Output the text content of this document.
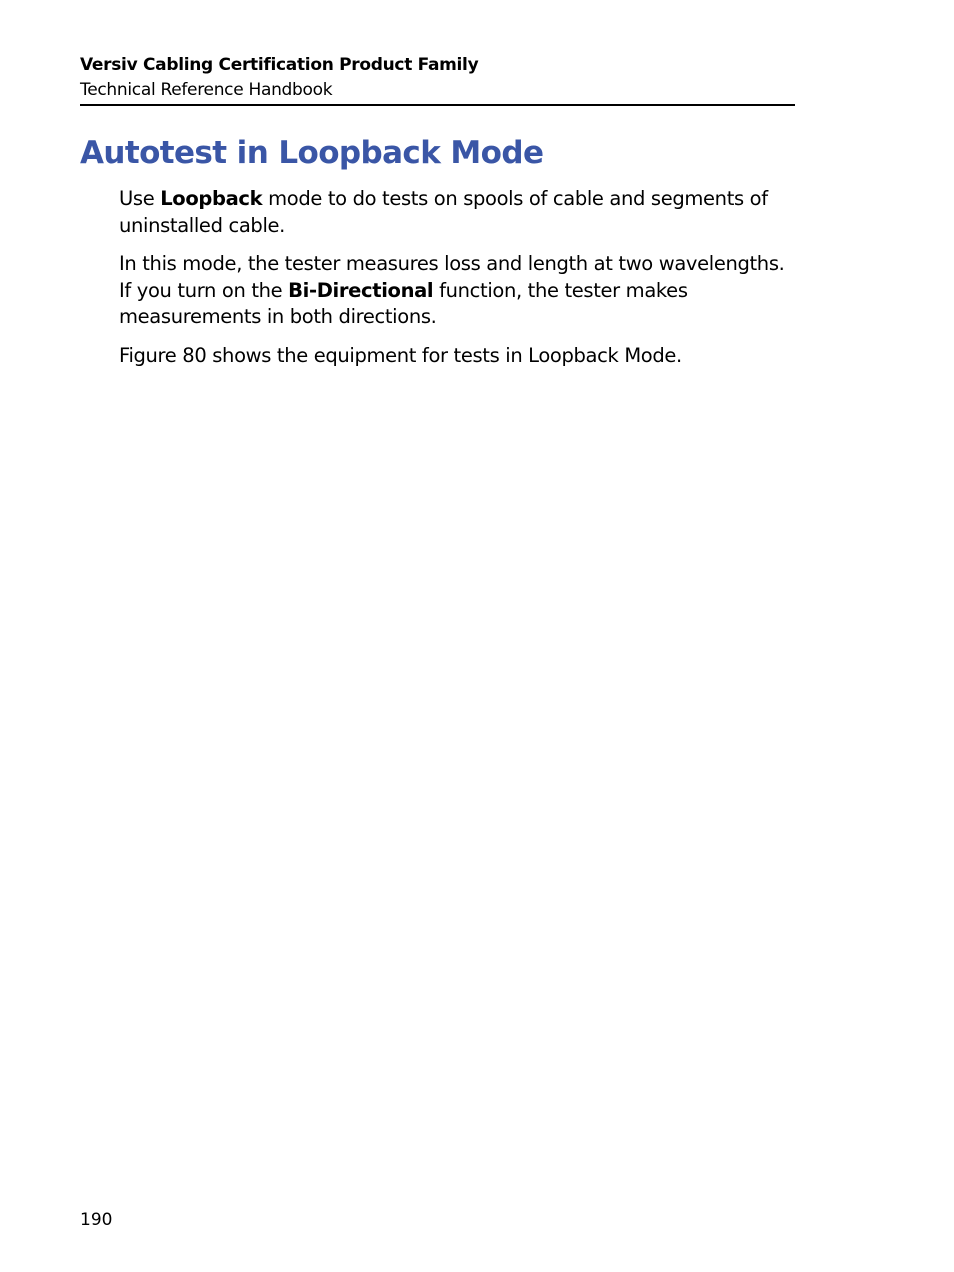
Versiv Cabling Certification Product Family
Technical Reference Handbook
Autotest in Loopback Mode

Use Loopback mode to do tests on spools of cable and segments of uninstalled cable.

In this mode, the tester measures loss and length at two wavelengths. If you turn on the Bi-Directional function, the tester makes measurements in both directions.

Figure 80 shows the equipment for tests in Loopback Mode.

190
